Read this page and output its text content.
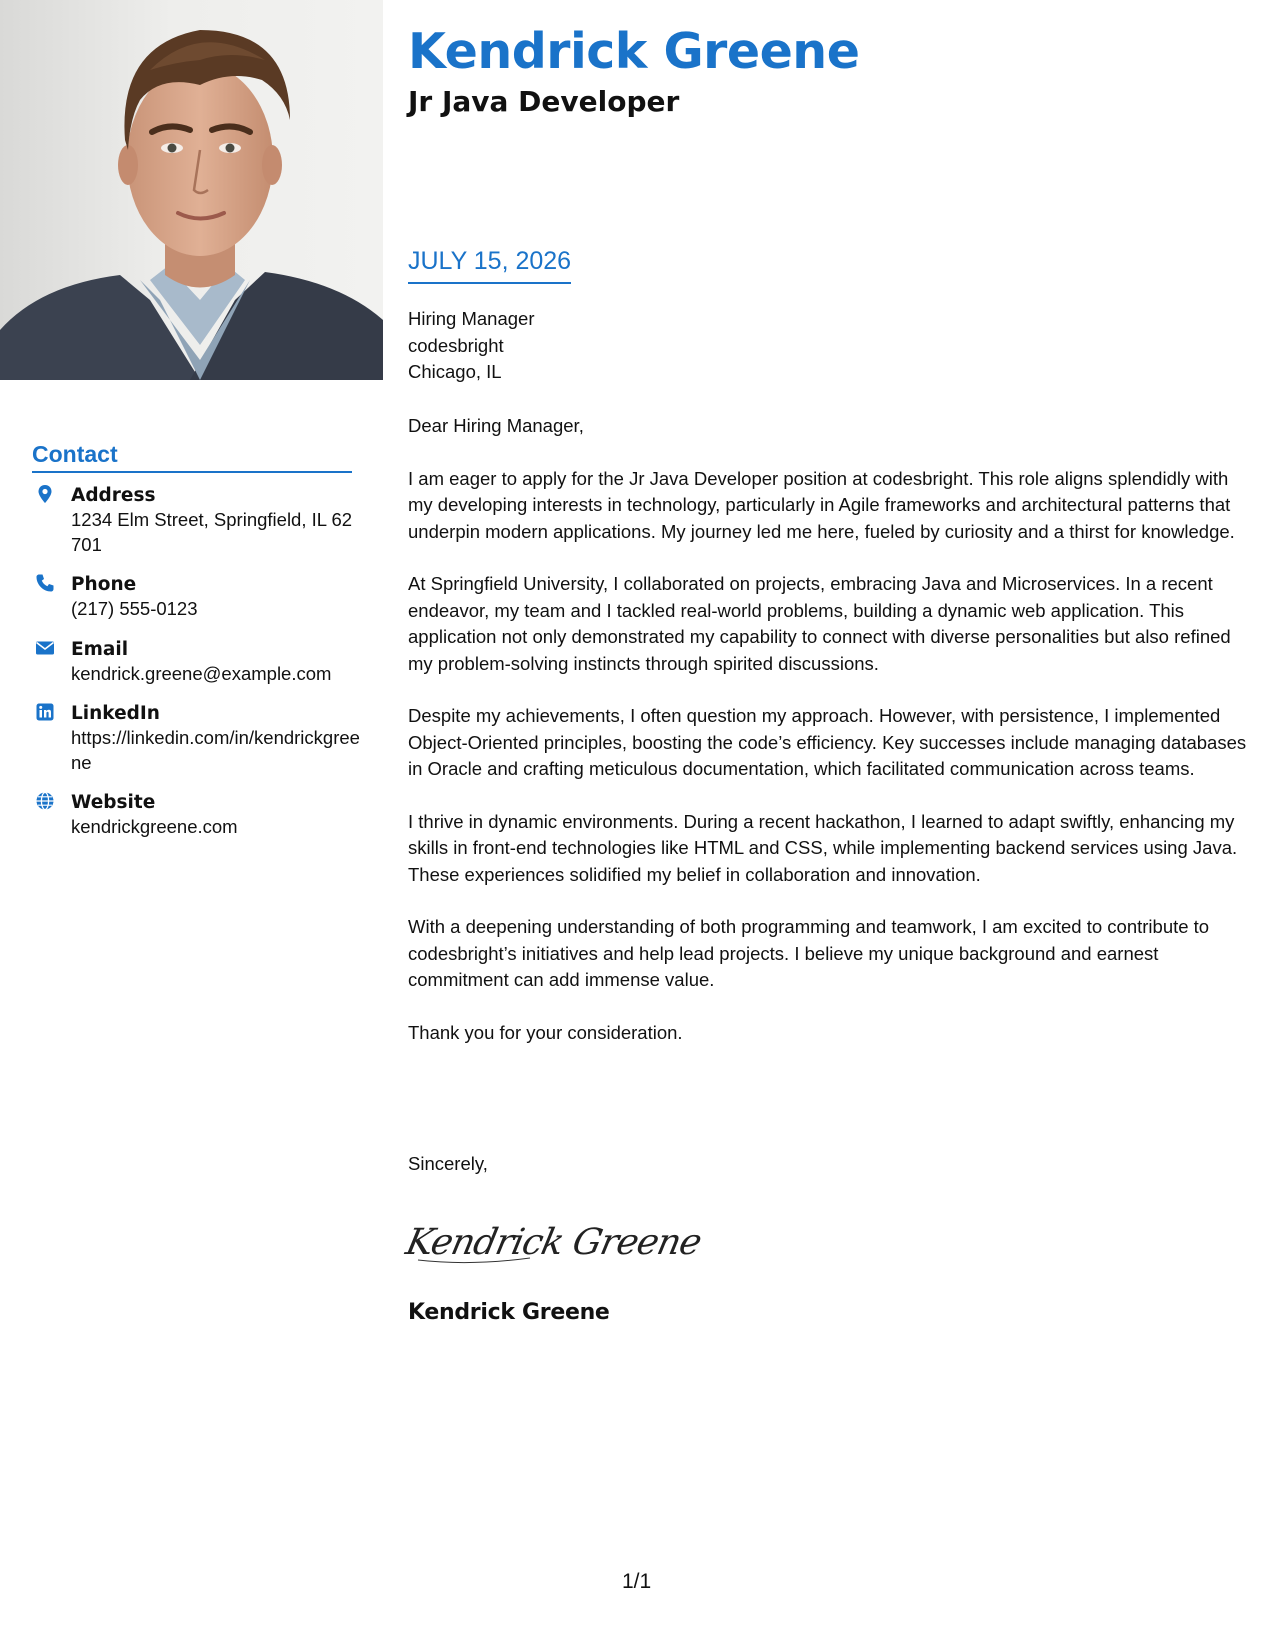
Kendrick Greene
Jr Java Developer
JULY 15, 2026
Hiring Manager
codesbright
Chicago, IL

Dear Hiring Manager,

I am eager to apply for the Jr Java Developer position at codesbright. This role aligns splendidly with my developing interests in technology, particularly in Agile frameworks and architectural patterns that underpin modern applications. My journey led me here, fueled by curiosity and a thirst for knowledge.

At Springfield University, I collaborated on projects, embracing Java and Microservices. In a recent endeavor, my team and I tackled real-world problems, building a dynamic web application. This application not only demonstrated my capability to connect with diverse personalities but also refined my problem-solving instincts through spirited discussions.

Despite my achievements, I often question my approach. However, with persistence, I implemented Object-Oriented principles, boosting the code’s efficiency. Key successes include managing databases in Oracle and crafting meticulous documentation, which facilitated communication across teams.

I thrive in dynamic environments. During a recent hackathon, I learned to adapt swiftly, enhancing my skills in front-end technologies like HTML and CSS, while implementing backend services using Java. These experiences solidified my belief in collaboration and innovation.

With a deepening understanding of both programming and teamwork, I am excited to contribute to codesbright’s initiatives and help lead projects. I believe my unique background and earnest commitment can add immense value.

Thank you for your consideration.

Sincerely,
Kendrick Greene
Kendrick Greene
Contact
Address
1234 Elm Street, Springfield, IL 62701
Phone
(217) 555-0123
Email
kendrick.greene@example.com
LinkedIn
https://linkedin.com/in/kendrickgreene
Website
kendrickgreene.com
1/1
